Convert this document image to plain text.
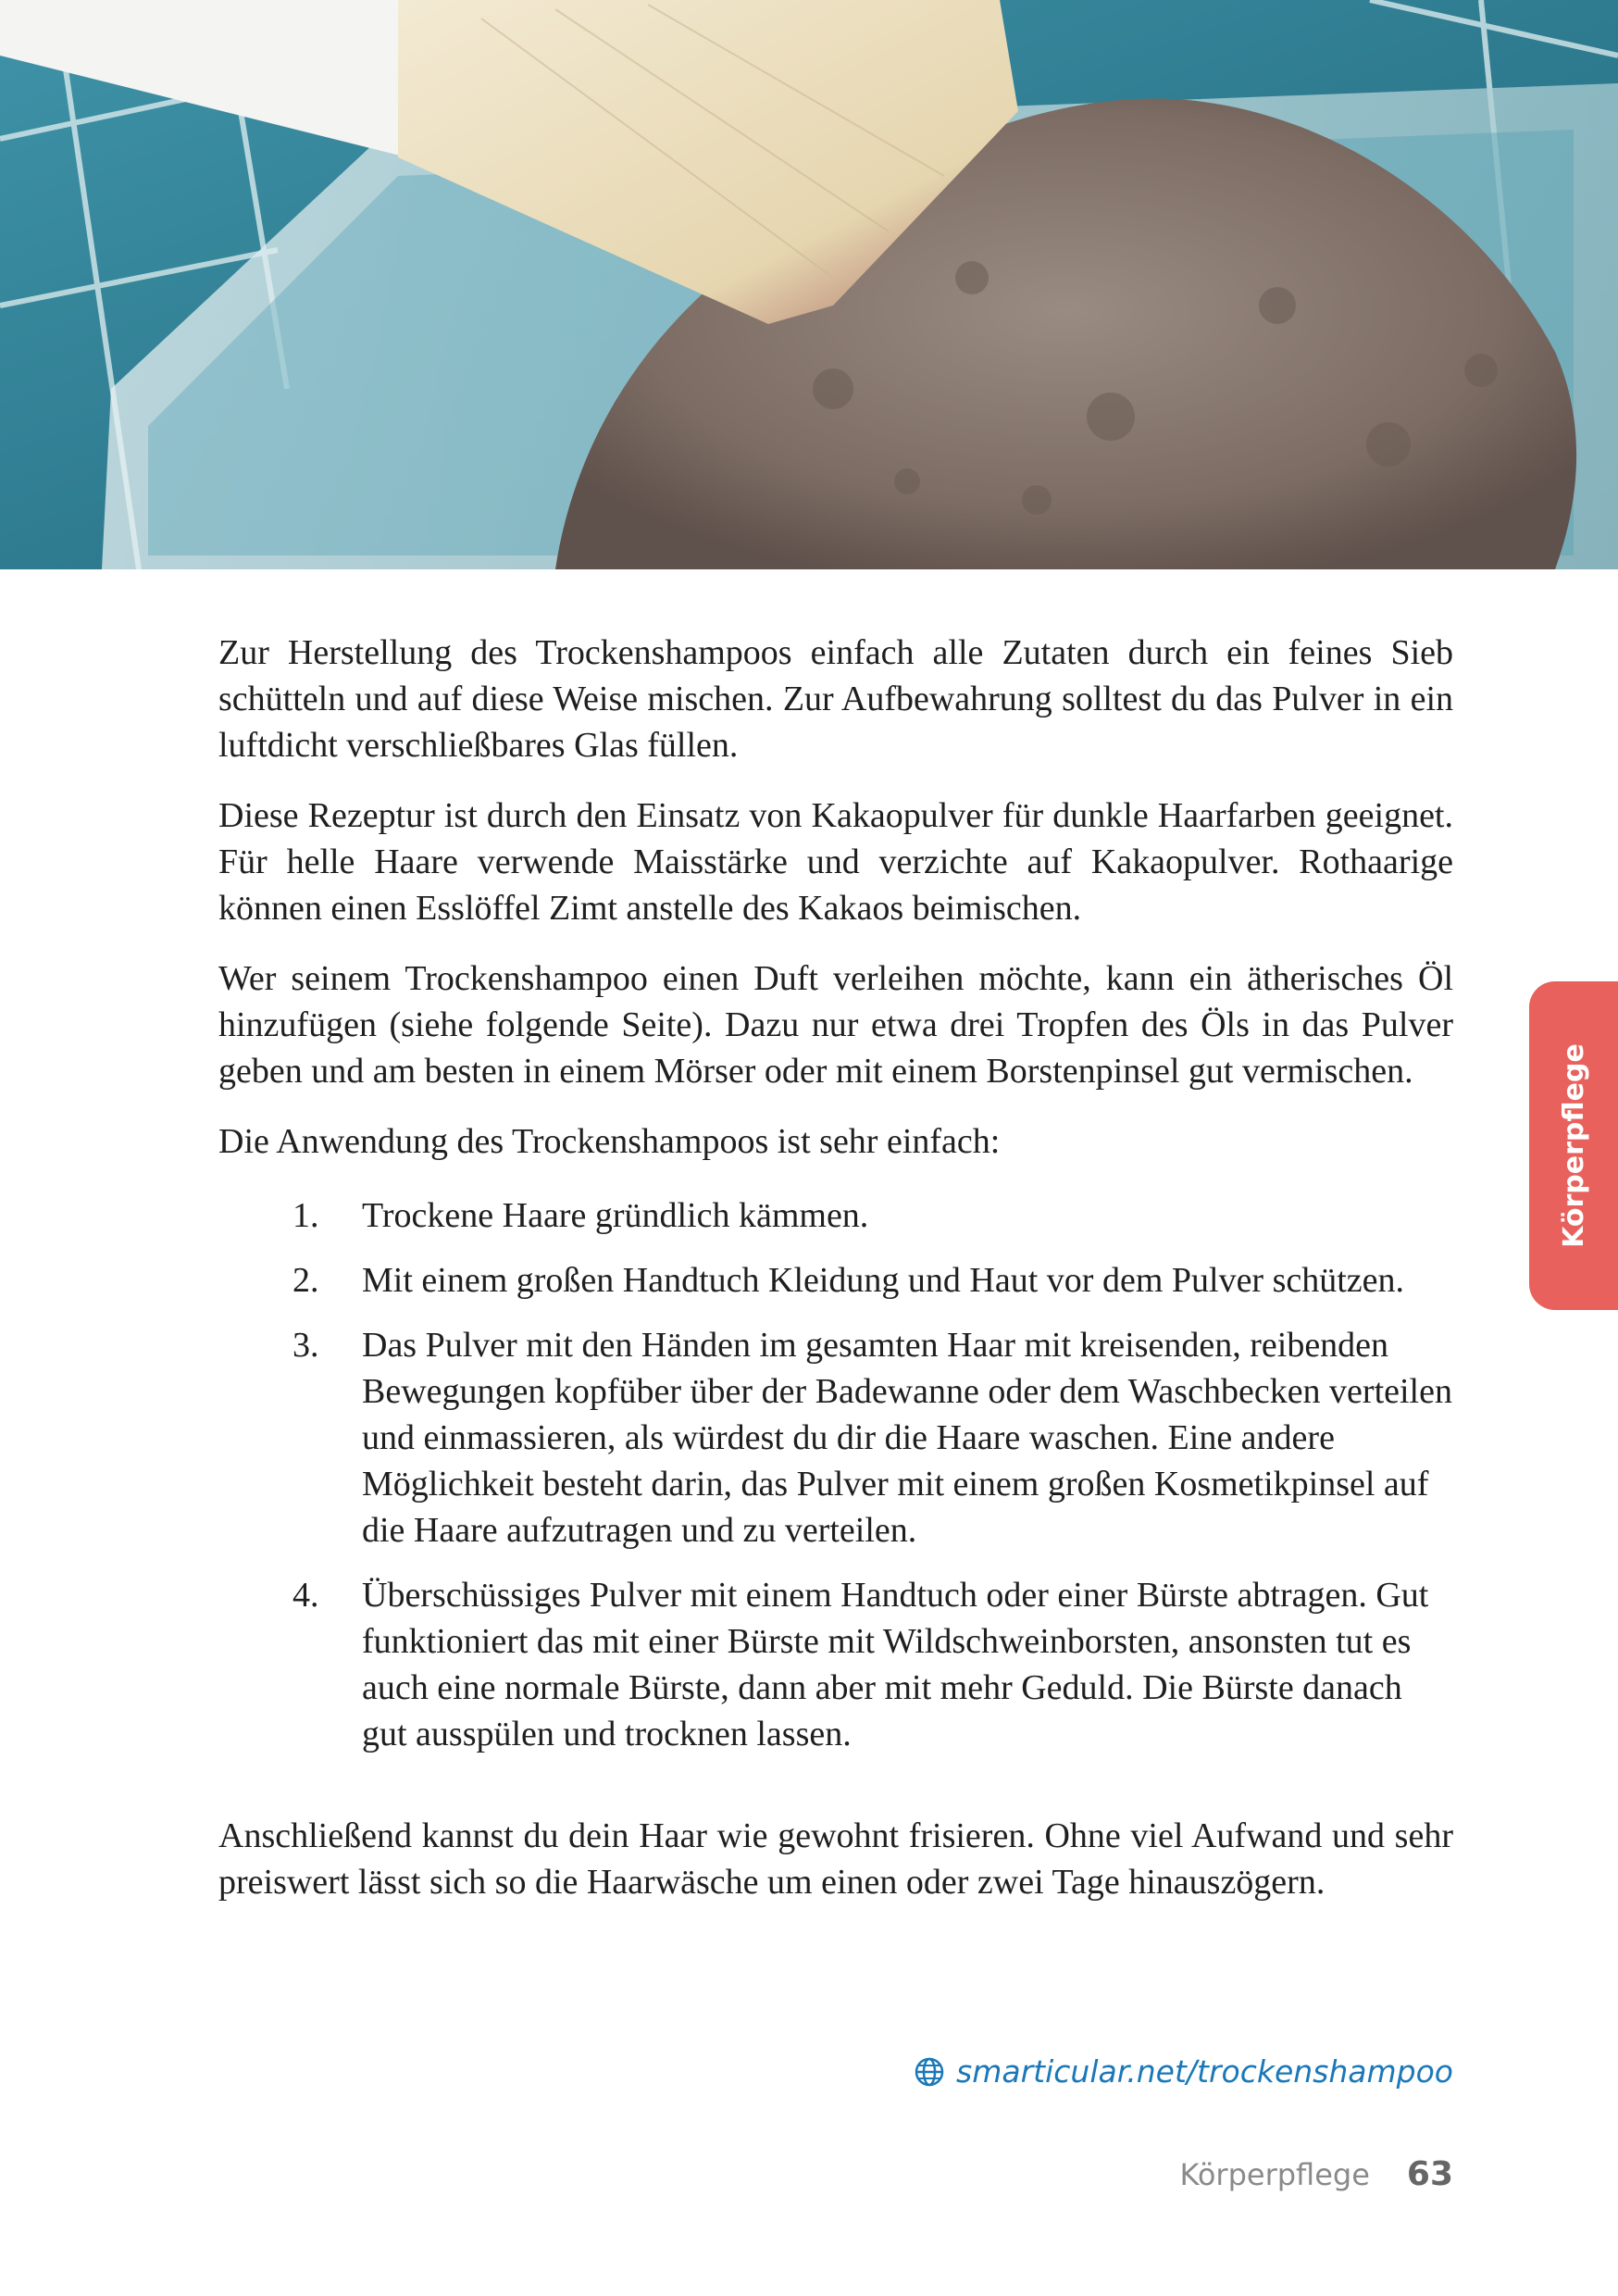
Zur Herstellung des Trockenshampoos einfach alle Zutaten durch ein feines Sieb schütteln und auf diese Weise mischen. Zur Aufbewahrung solltest du das Pulver in ein luftdicht verschließbares Glas füllen.

Diese Rezeptur ist durch den Einsatz von Kakaopulver für dunkle Haarfarben geeignet. Für helle Haare verwende Maisstärke und verzichte auf Kakaopulver. Rothaarige können einen Esslöffel Zimt anstelle des Kakaos beimischen.

Wer seinem Trockenshampoo einen Duft verleihen möchte, kann ein ätherisches Öl hinzufügen (siehe folgende Seite). Dazu nur etwa drei Tropfen des Öls in das Pulver geben und am besten in einem Mörser oder mit einem Borstenpinsel gut vermischen.

Die Anwendung des Trockenshampoos ist sehr einfach:

1. Trockene Haare gründlich kämmen.
2. Mit einem großen Handtuch Kleidung und Haut vor dem Pulver schützen.
3. Das Pulver mit den Händen im gesamten Haar mit kreisenden, reibenden Bewegungen kopfüber über der Badewanne oder dem Waschbecken verteilen und einmassieren, als würdest du dir die Haare waschen. Eine andere Möglichkeit besteht darin, das Pulver mit einem großen Kosmetikpinsel auf die Haare aufzutragen und zu verteilen.
4. Überschüssiges Pulver mit einem Handtuch oder einer Bürste abtragen. Gut funktioniert das mit einer Bürste mit Wildschweinborsten, ansonsten tut es auch eine normale Bürste, dann aber mit mehr Geduld. Die Bürste danach gut ausspülen und trocknen lassen.

Anschließend kannst du dein Haar wie gewohnt frisieren. Ohne viel Aufwand und sehr preiswert lässt sich so die Haarwäsche um einen oder zwei Tage hinauszögern.

smarticular.net/trockenshampoo
Körperpflege
Körperpflege 63
